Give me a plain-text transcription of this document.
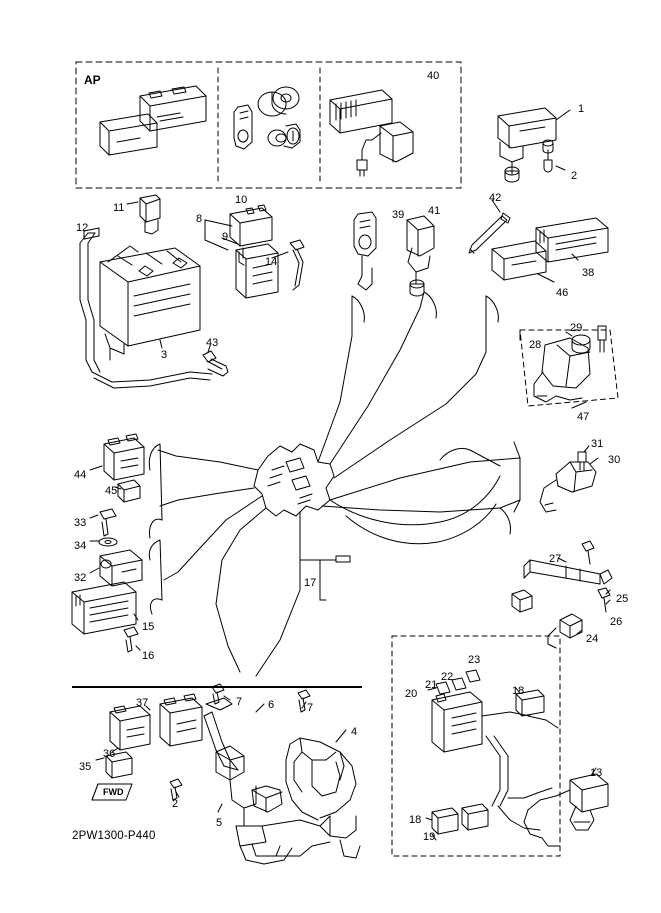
AP	40
1
2
11
10
8
9
12
39 41
42
38
46
14
3
43
29
28
47
31
30
44
45
33
34
32
15
16
17
27
25
26
24
22
23
21
20	18
37	7 6	7
4
35
36
2
5	18
19
13
FWD
2PW1300-P440
